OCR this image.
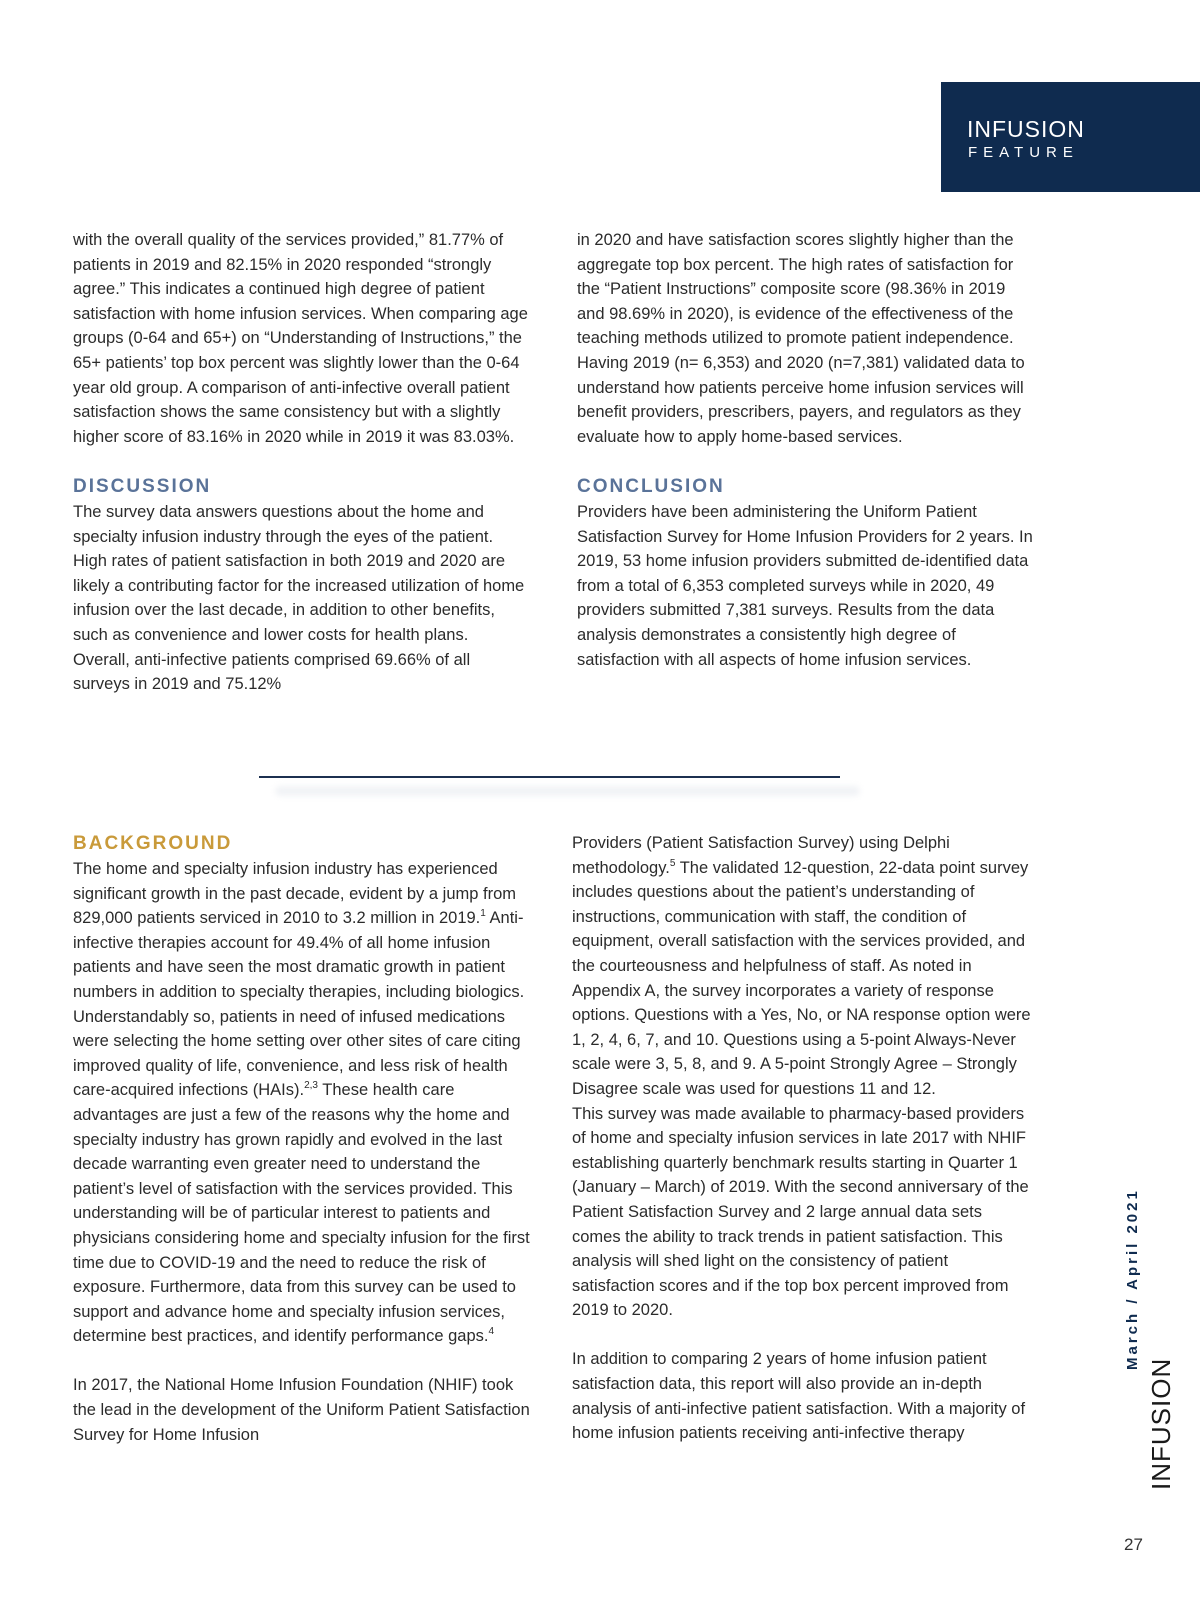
INFUSION
FEATURE

with the overall quality of the services provided,” 81.77% of patients in 2019 and 82.15% in 2020 responded “strongly agree.” This indicates a continued high degree of patient satisfaction with home infusion services. When comparing age groups (0-64 and 65+) on “Understanding of Instructions,” the 65+ patients’ top box percent was slightly lower than the 0-64 year old group. A comparison of anti-infective overall patient satisfaction shows the same consistency but with a slightly higher score of 83.16% in 2020 while in 2019 it was 83.03%.

DISCUSSION

The survey data answers questions about the home and specialty infusion industry through the eyes of the patient. High rates of patient satisfaction in both 2019 and 2020 are likely a contributing factor for the increased utilization of home infusion over the last decade, in addition to other benefits, such as convenience and lower costs for health plans. Overall, anti-infective patients comprised 69.66% of all surveys in 2019 and 75.12%

in 2020 and have satisfaction scores slightly higher than the aggregate top box percent. The high rates of satisfaction for the “Patient Instructions” composite score (98.36% in 2019 and 98.69% in 2020), is evidence of the effectiveness of the teaching methods utilized to promote patient independence. Having 2019 (n= 6,353) and 2020 (n=7,381) validated data to understand how patients perceive home infusion services will benefit providers, prescribers, payers, and regulators as they evaluate how to apply home-based services.

CONCLUSION

Providers have been administering the Uniform Patient Satisfaction Survey for Home Infusion Providers for 2 years. In 2019, 53 home infusion providers submitted de-identified data from a total of 6,353 completed surveys while in 2020, 49 providers submitted 7,381 surveys. Results from the data analysis demonstrates a consistently high degree of satisfaction with all aspects of home infusion services.

BACKGROUND

The home and specialty infusion industry has experienced significant growth in the past decade, evident by a jump from 829,000 patients serviced in 2010 to 3.2 million in 2019.$^1$ Anti-infective therapies account for 49.4% of all home infusion patients and have seen the most dramatic growth in patient numbers in addition to specialty therapies, including biologics. Understandably so, patients in need of infused medications were selecting the home setting over other sites of care citing improved quality of life, convenience, and less risk of health care-acquired infections (HAIs).$^{2,3}$ These health care advantages are just a few of the reasons why the home and specialty industry has grown rapidly and evolved in the last decade warranting even greater need to understand the patient’s level of satisfaction with the services provided. This understanding will be of particular interest to patients and physicians considering home and specialty infusion for the first time due to COVID-19 and the need to reduce the risk of exposure. Furthermore, data from this survey can be used to support and advance home and specialty infusion services, determine best practices, and identify performance gaps.$^4$

In 2017, the National Home Infusion Foundation (NHIF) took the lead in the development of the Uniform Patient Satisfaction Survey for Home Infusion

Providers (Patient Satisfaction Survey) using Delphi methodology.$^5$ The validated 12-question, 22-data point survey includes questions about the patient’s understanding of instructions, communication with staff, the condition of equipment, overall satisfaction with the services provided, and the courteousness and helpfulness of staff. As noted in Appendix A, the survey incorporates a variety of response options. Questions with a Yes, No, or NA response option were 1, 2, 4, 6, 7, and 10. Questions using a 5-point Always-Never scale were 3, 5, 8, and 9. A 5-point Strongly Agree – Strongly Disagree scale was used for questions 11 and 12.

This survey was made available to pharmacy-based providers of home and specialty infusion services in late 2017 with NHIF establishing quarterly benchmark results starting in Quarter 1 (January – March) of 2019. With the second anniversary of the Patient Satisfaction Survey and 2 large annual data sets comes the ability to track trends in patient satisfaction. This analysis will shed light on the consistency of patient satisfaction scores and if the top box percent improved from 2019 to 2020.

In addition to comparing 2 years of home infusion patient satisfaction data, this report will also provide an in-depth analysis of anti-infective patient satisfaction. With a majority of home infusion patients receiving anti-infective therapy

March / April 2021
INFUSION
27
